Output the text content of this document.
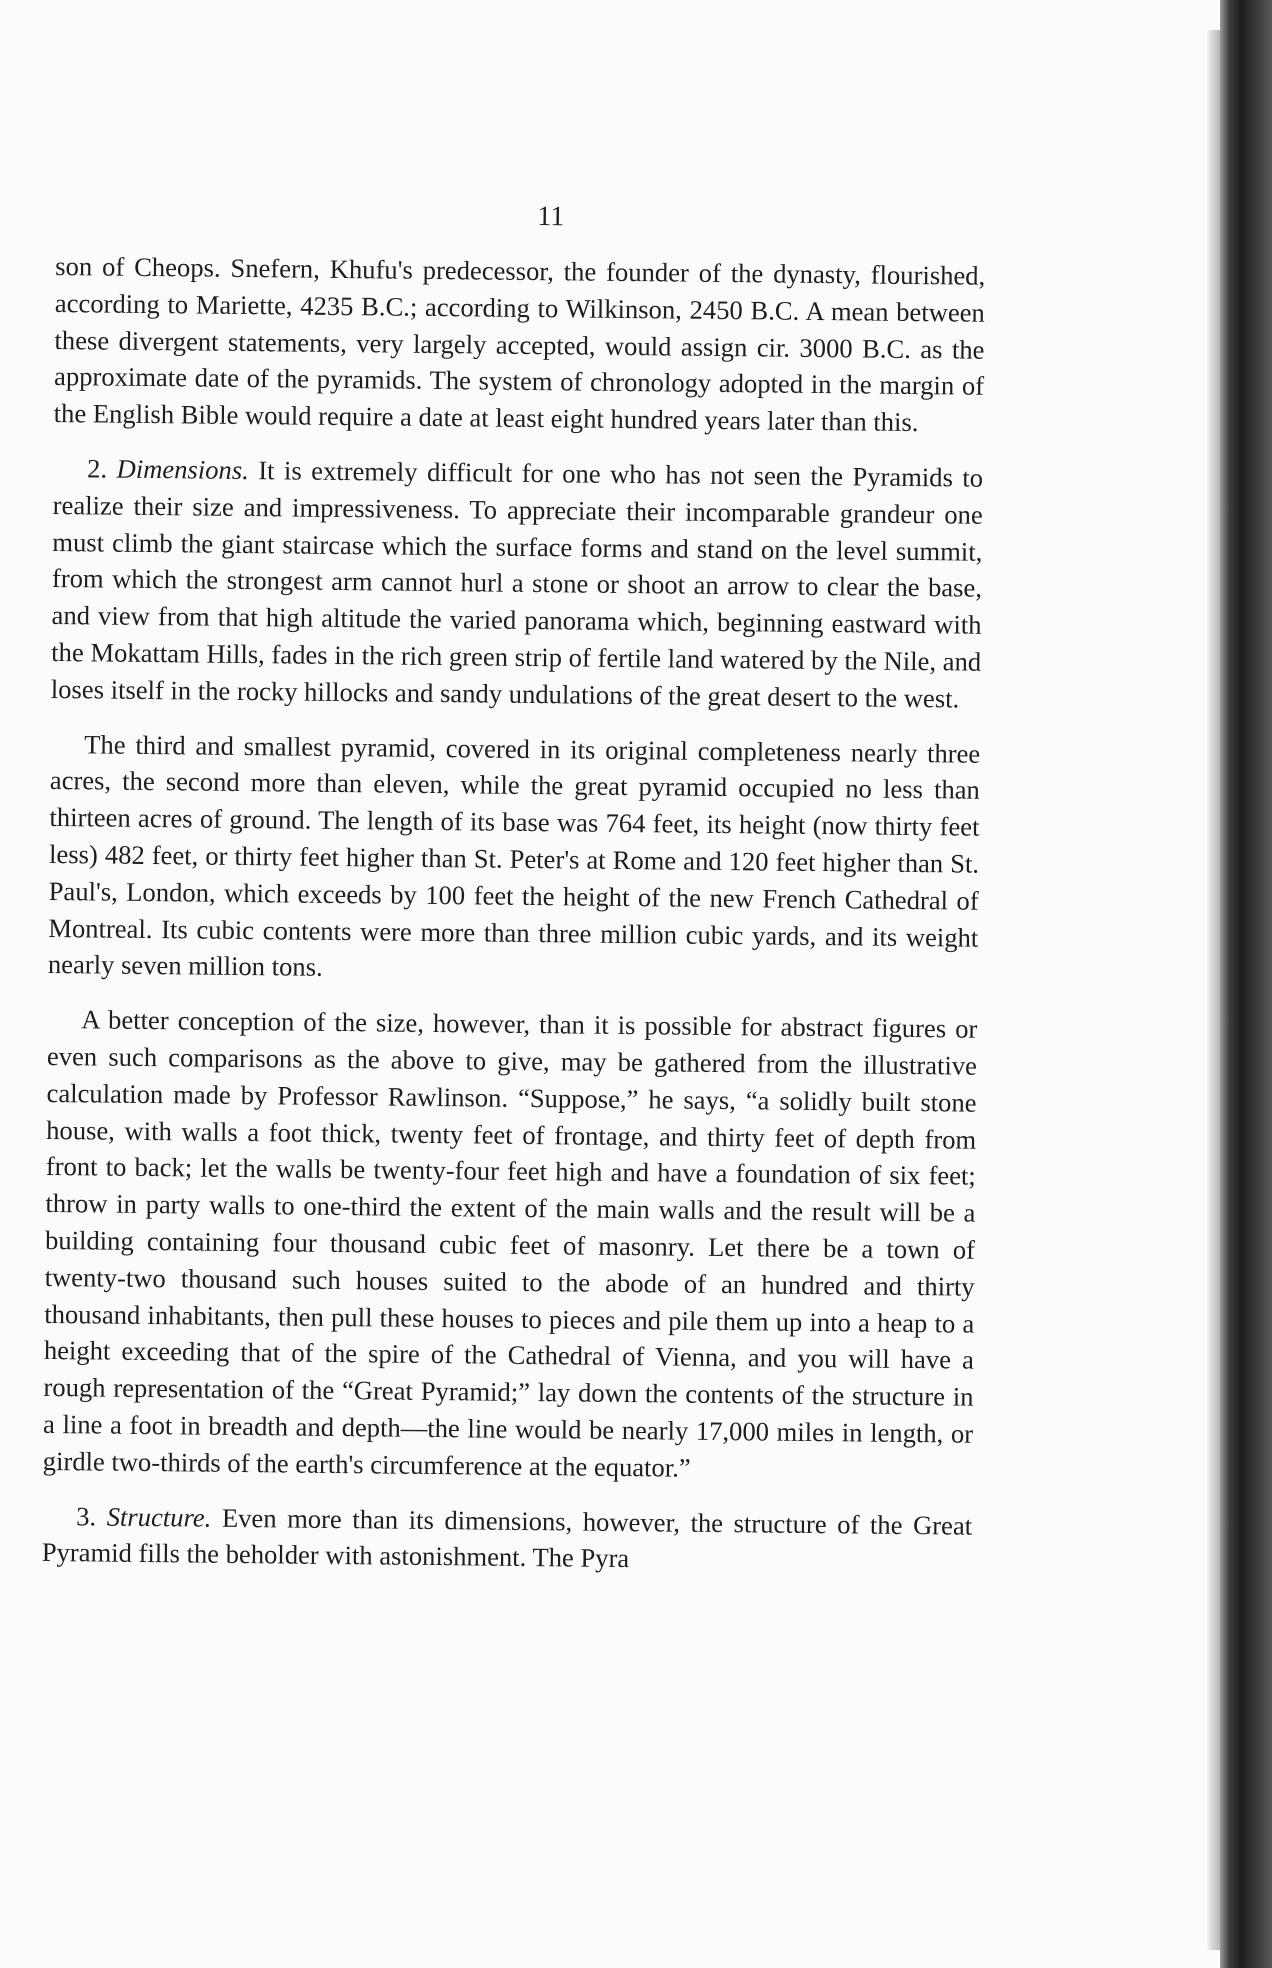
11

son of Cheops. Snefern, Khufu's predecessor, the founder of the dynasty, flourished, according to Mariette, 4235 B.C.; according to Wilkinson, 2450 B.C. A mean between these divergent statements, very largely accepted, would assign cir. 3000 B.C. as the approximate date of the pyramids. The system of chronology adopted in the margin of the English Bible would require a date at least eight hundred years later than this.

2. Dimensions. It is extremely difficult for one who has not seen the Pyramids to realize their size and impressiveness. To appreciate their incomparable grandeur one must climb the giant staircase which the surface forms and stand on the level summit, from which the strongest arm cannot hurl a stone or shoot an arrow to clear the base, and view from that high altitude the varied panorama which, beginning eastward with the Mokattam Hills, fades in the rich green strip of fertile land watered by the Nile, and loses itself in the rocky hillocks and sandy undulations of the great desert to the west.

The third and smallest pyramid, covered in its original completeness nearly three acres, the second more than eleven, while the great pyramid occupied no less than thirteen acres of ground. The length of its base was 764 feet, its height (now thirty feet less) 482 feet, or thirty feet higher than St. Peter's at Rome and 120 feet higher than St. Paul's, London, which exceeds by 100 feet the height of the new French Cathedral of Montreal. Its cubic contents were more than three million cubic yards, and its weight nearly seven million tons.

A better conception of the size, however, than it is possible for abstract figures or even such comparisons as the above to give, may be gathered from the illustrative calculation made by Professor Rawlinson. “Suppose,” he says, “a solidly built stone house, with walls a foot thick, twenty feet of frontage, and thirty feet of depth from front to back; let the walls be twenty-four feet high and have a foundation of six feet; throw in party walls to one-third the extent of the main walls and the result will be a building containing four thousand cubic feet of masonry. Let there be a town of twenty-two thousand such houses suited to the abode of an hundred and thirty thousand inhabitants, then pull these houses to pieces and pile them up into a heap to a height exceeding that of the spire of the Cathedral of Vienna, and you will have a rough representation of the “Great Pyramid;” lay down the contents of the structure in a line a foot in breadth and depth—the line would be nearly 17,000 miles in length, or girdle two-thirds of the earth's circumference at the equator.”

3. Structure. Even more than its dimensions, however, the structure of the Great Pyramid fills the beholder with astonishment. The Pyra
